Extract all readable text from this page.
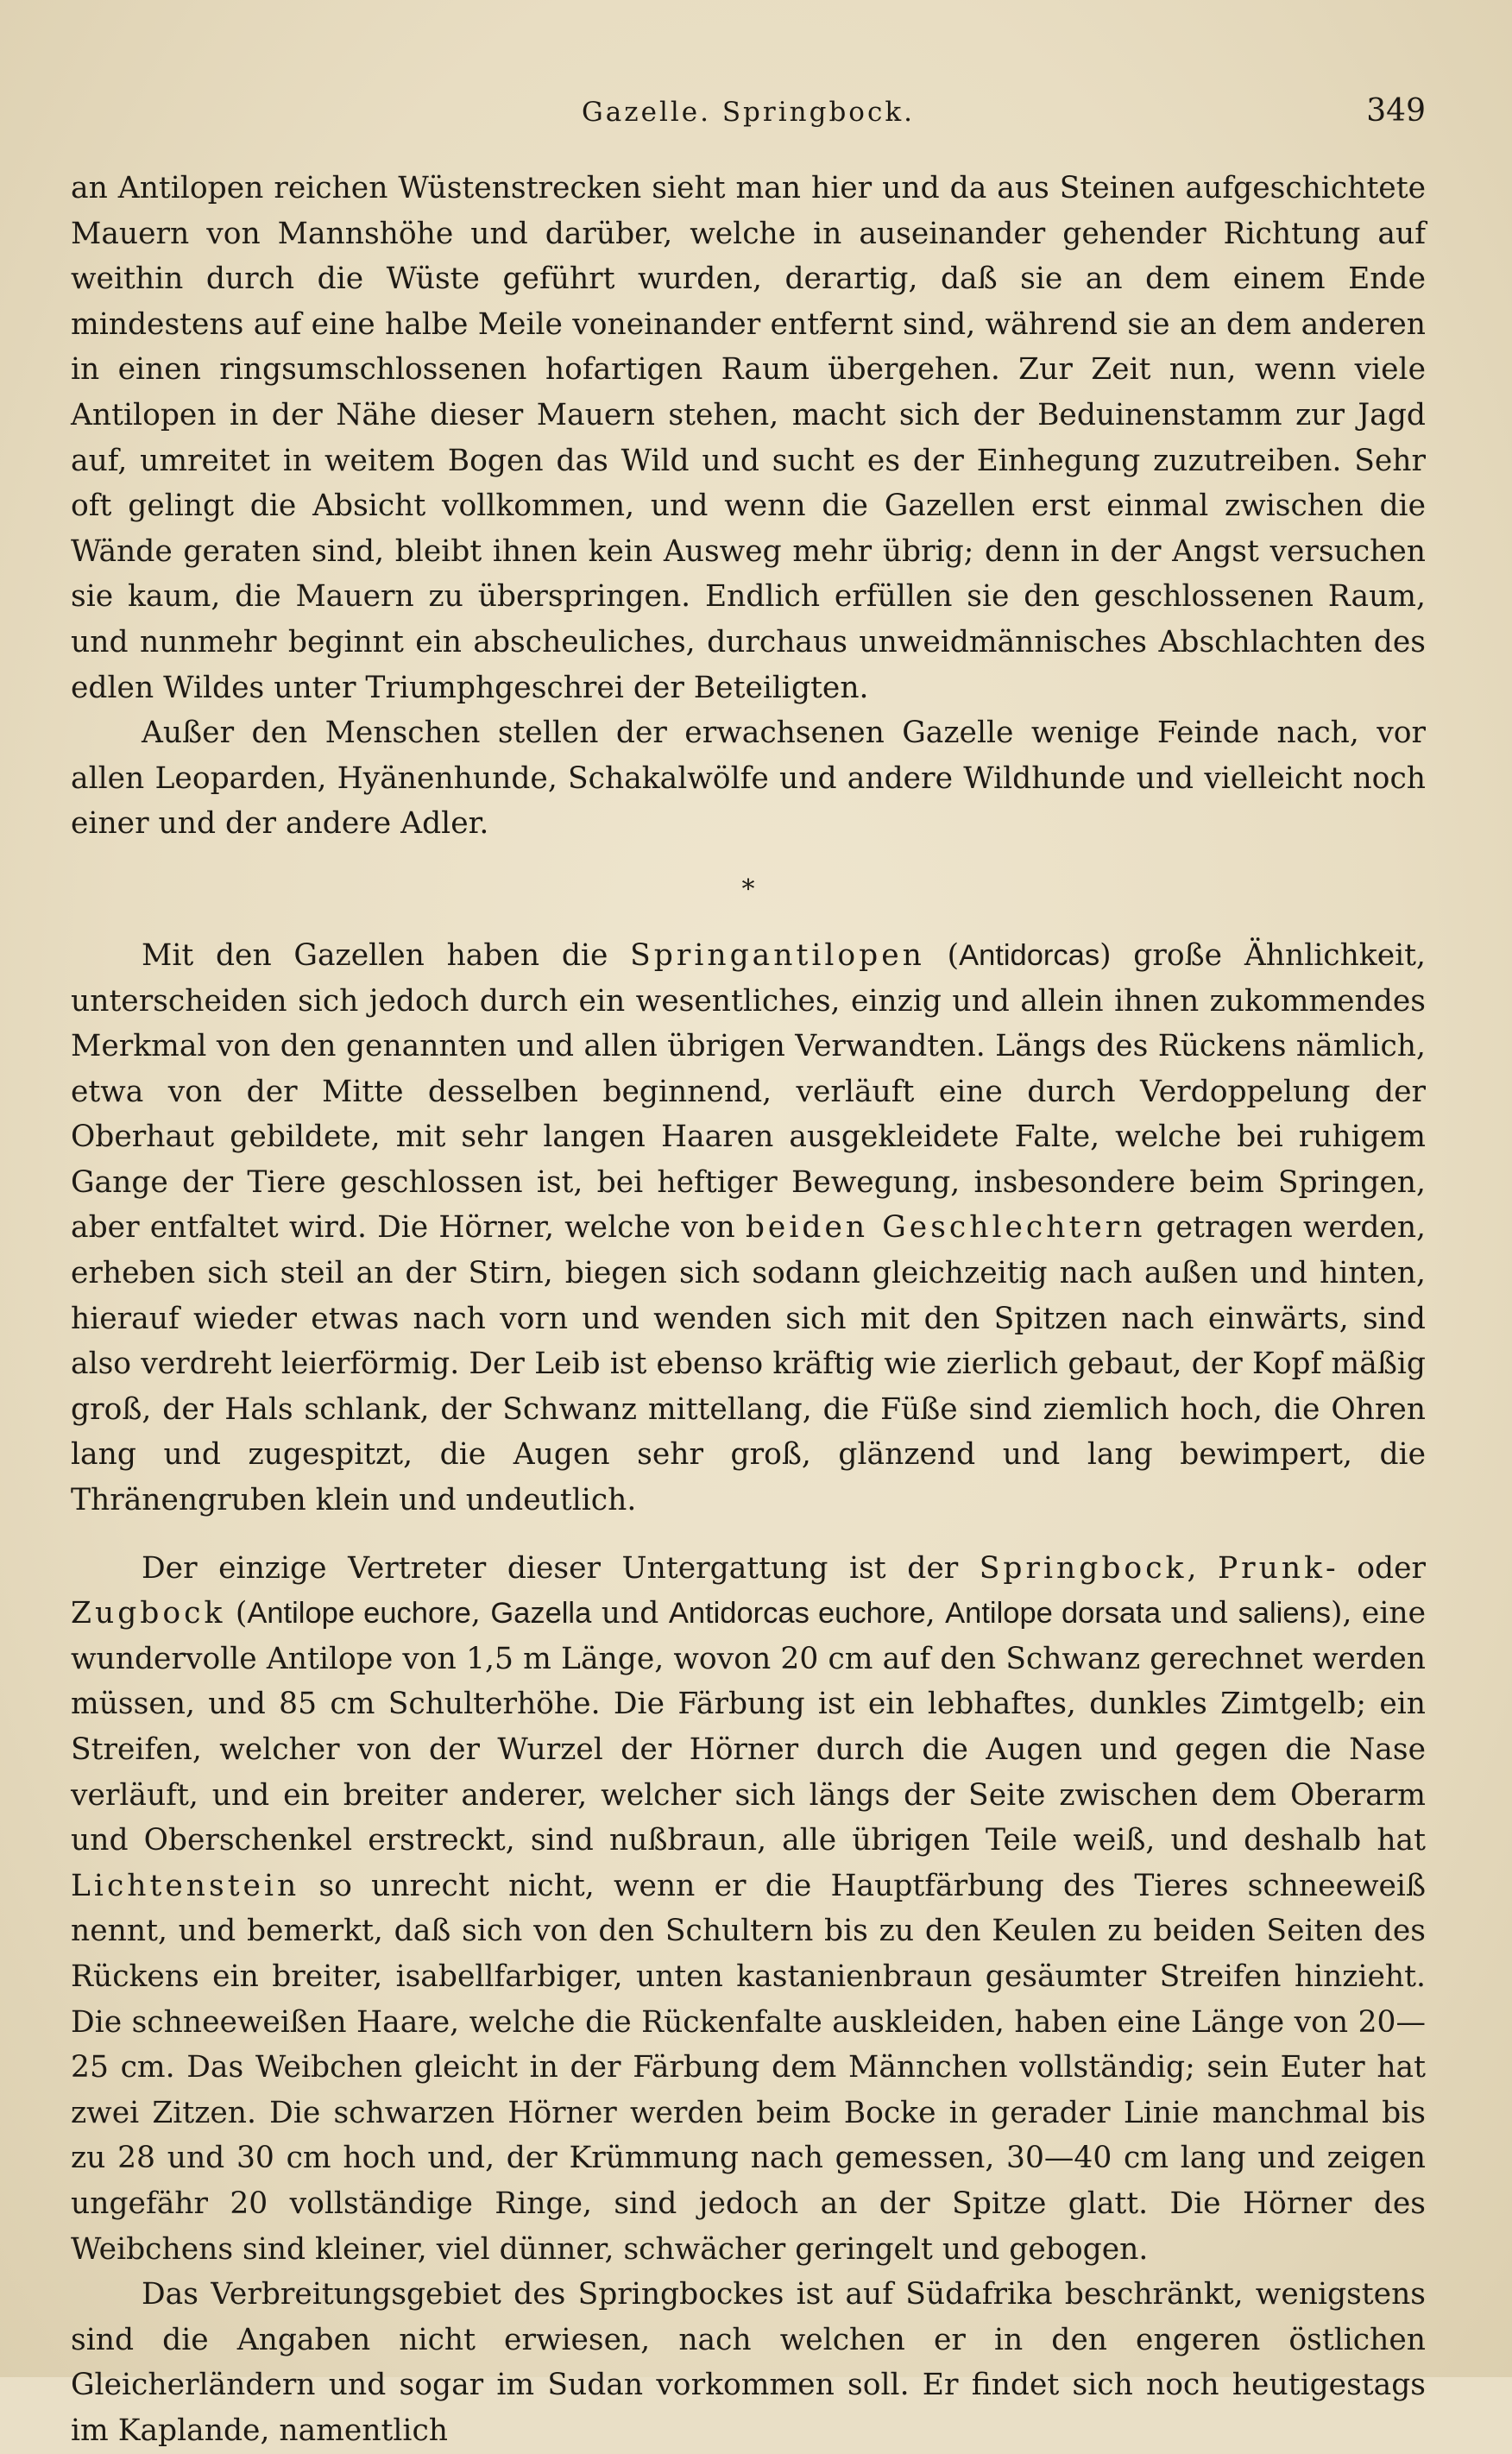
Gazelle. Springbock.	349

an Antilopen reichen Wüstenstrecken sieht man hier und da aus Steinen aufgeschichtete Mauern von Mannshöhe und darüber, welche in auseinander gehender Richtung auf weithin durch die Wüste geführt wurden, derartig, daß sie an dem einem Ende mindestens auf eine halbe Meile voneinander entfernt sind, während sie an dem anderen in einen ringsumschlossenen hofartigen Raum übergehen. Zur Zeit nun, wenn viele Antilopen in der Nähe dieser Mauern stehen, macht sich der Beduinenstamm zur Jagd auf, umreitet in weitem Bogen das Wild und sucht es der Einhegung zuzutreiben. Sehr oft gelingt die Absicht vollkommen, und wenn die Gazellen erst einmal zwischen die Wände geraten sind, bleibt ihnen kein Ausweg mehr übrig; denn in der Angst versuchen sie kaum, die Mauern zu überspringen. Endlich erfüllen sie den geschlossenen Raum, und nunmehr beginnt ein abscheuliches, durchaus unweidmännisches Abschlachten des edlen Wildes unter Triumphgeschrei der Beteiligten.

Außer den Menschen stellen der erwachsenen Gazelle wenige Feinde nach, vor allen Leoparden, Hyänenhunde, Schakalwölfe und andere Wildhunde und vielleicht noch einer und der andere Adler.

*

Mit den Gazellen haben die Springantilopen (Antidorcas) große Ähnlichkeit, unterscheiden sich jedoch durch ein wesentliches, einzig und allein ihnen zukommendes Merkmal von den genannten und allen übrigen Verwandten. Längs des Rückens nämlich, etwa von der Mitte desselben beginnend, verläuft eine durch Verdoppelung der Oberhaut gebildete, mit sehr langen Haaren ausgekleidete Falte, welche bei ruhigem Gange der Tiere geschlossen ist, bei heftiger Bewegung, insbesondere beim Springen, aber entfaltet wird. Die Hörner, welche von beiden Geschlechtern getragen werden, erheben sich steil an der Stirn, biegen sich sodann gleichzeitig nach außen und hinten, hierauf wieder etwas nach vorn und wenden sich mit den Spitzen nach einwärts, sind also verdreht leierförmig. Der Leib ist ebenso kräftig wie zierlich gebaut, der Kopf mäßig groß, der Hals schlank, der Schwanz mittellang, die Füße sind ziemlich hoch, die Ohren lang und zugespitzt, die Augen sehr groß, glänzend und lang bewimpert, die Thränengruben klein und undeutlich.

Der einzige Vertreter dieser Untergattung ist der Springbock, Prunk- oder Zugbock (Antilope euchore, Gazella und Antidorcas euchore, Antilope dorsata und saliens), eine wundervolle Antilope von 1,5 m Länge, wovon 20 cm auf den Schwanz gerechnet werden müssen, und 85 cm Schulterhöhe. Die Färbung ist ein lebhaftes, dunkles Zimtgelb; ein Streifen, welcher von der Wurzel der Hörner durch die Augen und gegen die Nase verläuft, und ein breiter anderer, welcher sich längs der Seite zwischen dem Oberarm und Oberschenkel erstreckt, sind nußbraun, alle übrigen Teile weiß, und deshalb hat Lichtenstein so unrecht nicht, wenn er die Hauptfärbung des Tieres schneeweiß nennt, und bemerkt, daß sich von den Schultern bis zu den Keulen zu beiden Seiten des Rückens ein breiter, isabellfarbiger, unten kastanienbraun gesäumter Streifen hinzieht. Die schneeweißen Haare, welche die Rückenfalte auskleiden, haben eine Länge von 20—25 cm. Das Weibchen gleicht in der Färbung dem Männchen vollständig; sein Euter hat zwei Zitzen. Die schwarzen Hörner werden beim Bocke in gerader Linie manchmal bis zu 28 und 30 cm hoch und, der Krümmung nach gemessen, 30—40 cm lang und zeigen ungefähr 20 vollständige Ringe, sind jedoch an der Spitze glatt. Die Hörner des Weibchens sind kleiner, viel dünner, schwächer geringelt und gebogen.

Das Verbreitungsgebiet des Springbockes ist auf Südafrika beschränkt, wenigstens sind die Angaben nicht erwiesen, nach welchen er in den engeren östlichen Gleicherländern und sogar im Sudan vorkommen soll. Er findet sich noch heutigestags im Kaplande, namentlich
